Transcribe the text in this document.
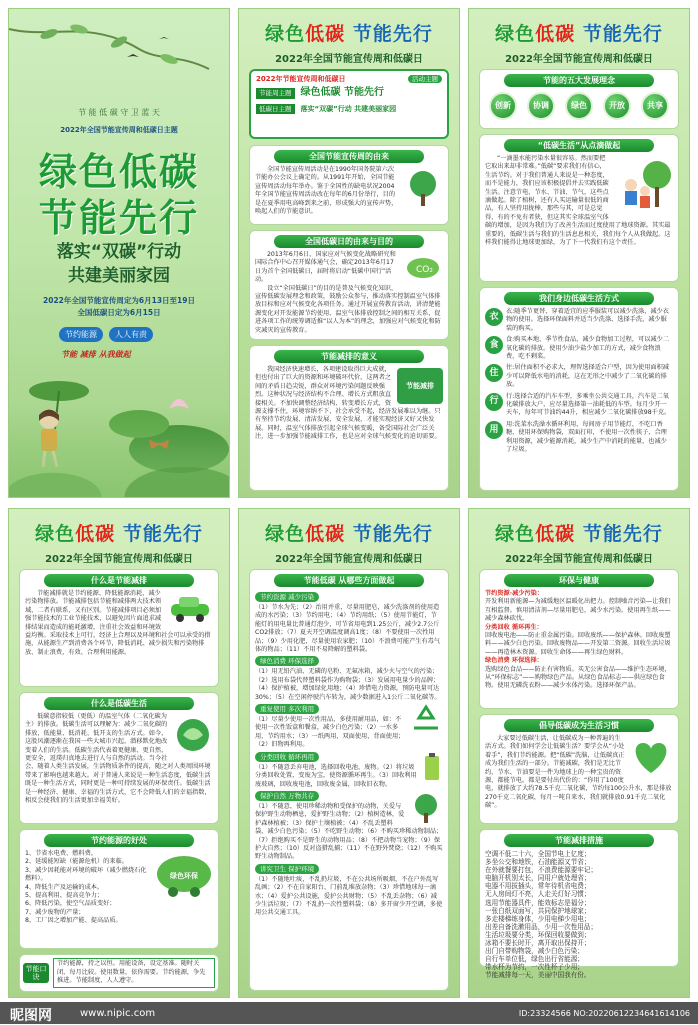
节 能 低 碳 守 卫 蓝 天
2022年全国节能宣传周和低碳日主题
绿色低碳
节能先行
落实“双碳”行动
共建美丽家园
2022年全国节能宣传周定为6月13日至19日
全国低碳日定为6月15日
节约能源	人人有责
节能 减排 从我做起
绿色低碳 节能先行
2022年全国节能宣传周和低碳日
2022年节能宣传周和低碳日	活动主题
节能周主题 绿色低碳 节能先行
低碳日主题	落实“双碳”行动 共建美丽家园
全国节能宣传周的由来
全国节能宣传周活动是在1990年国务院第六次节能办公会议上确定的。从1991年开始，全国节能宣传周活动每年举办。鉴于全国性的缺电状况2004年全国节能宣传周活动改在每年的6月份举行，目的是在夏季用电高峰到来之前，形成强大的宣传声势，唤起人们的节能意识。
全国低碳日的由来与目的
CO₂
2013年6月6日，国家应对气候变化战略研究和国际合作中心召开媒体通气会，确定2013年6月17日为首个全国低碳日，届时将启动“低碳中国行”活动。
设立“全国低碳日”的目的是普及气候变化知识，宣传低碳发展理念和政策，鼓励公众参与，推动落实控制温室气体排放目标和应对气候变化各项任务。通过开展宣传教育活动，讲清楚能源变化对开发能源节约使用、温室气体排放控制之间的相互关系，促进各项工作的统筹调适推“以人为本”的理念，加强应对气候变化和防灾减灾的宣传教育。
节能减排的意义
节能减排
我国经济快速增长，各项建设取得巨大成就，但也付出了巨大的资源和环境破坏代价，这两者之间的矛盾日趋尖锐，群众对环境污染问题反映强烈。这种状况与经济结构不合理、增长方式粗放直接相关。不加快调整经济结构、转变增长方式，资源支撑不住，环境容纳不下，社会承受不起，经济发展难以为继。只有坚持节约发展、清洁发展、安全发展，才能实现经济又好又快发展。同时，温室气体排放引起全球气候变暖，备受国际社会广泛关注，进一步加强节能减排工作，也是应对全球气候变化的迫切需要。
绿色低碳 节能先行
2022年全国节能宣传周和低碳日
节能的五大发展理念
创新	协调	绿色	开放	共享
“低碳生活”从点滴做起
“一滴墨水能污染水量很容易。然而要把它取出来却非常难。”低碳“要求我们有信心，生活节约。对于我们普通人来说是一种态度，而不是能力，我们应该积极提倡并去实践低碳生活。注意节电、节水、节油、节气，这些点滴做起。除了植树，还有人买运输量很低的商品，有人坚持用拢棒、那些与其，可是总觉得，有的不免有者狭，但这其实全球温室气体碳的增加，是因为我们为了改善生活而过度使用了地球资源。其实最重要的，低碳生活与我们的生活息息相关，我们每个人从我做起。这样我们能得让地球更加绿，为了下一代我们有这个责任。
我们身边低碳生活方式
衣
衣:随季节更替，穿着适宜的应季服装可以减少洗涤，减少衣物的使用。选择环保面料并适当少洗涤、选择手洗，减少服装的购买。
食
食:购买本地、季节性食品，减少食物加工过程，可以减少二氧化碳的排放。使用少油少盐少加工的方式，减少食物浪费，吃不剩菜。
住
住:居住面积不必求大，理智选择适合户型，因为使用面积减少可以降低水电的消耗，这在无形之中减少了二氧化碳的排放。
行
行:选择合适的汽车车型，多乘坐公共交通工具，汽车是二氧化碳排放大户，应尽量选择第一油耗低的车型。每月少开一天车，每年可节油约44升，相应减少二氧化碳排放98千克。
用
用:洗菜水洗澡水循环利用，每间房子用节能灯，不吃口香糖，使用环保购物袋，双面打印，不使用一次性筷子，合理利用资源，减少能源消耗，减少生产中消耗的能量，也减少了垃圾。
绿色低碳 节能先行
2022年全国节能宣传周和低碳日
什么是节能减排
节能减排就是节约能源、降低能源消耗，减少污染物排放。节能减排包括节能和减排两大技术领域，二者有联系，又有区别。节能减排项目必须加强节能技术的工业节能技术，以避免因片面追求减排结果而造成的能耗激增，注重社会效益和环境效益均衡。采取技术上可行，经济上合理以及环境和社会可以承受的措施，从能源生产到消费各个环节，降低消耗、减少损失和污染物排放、制止浪费，有效、合理利用能源。
什么是低碳生活
低碳意指较低（更低）的温室气体（二氧化碳为主）的排放。低碳生活可以理解为：减少二氧化碳的排放，低能量、低消耗、低开支的生活方式。如今，这股风潮逐渐在我国一些大城市兴起，潜移默化地改变着人们的生活。低碳生活代表着更健康、更自然、更安全，返璞归真地去进行人与自然的活动。当今社会，随着人类生活发展，生活物质条件的提高，随之对人类周围环境带来了影响也越来越大。对于普通人来说是一种生活态度，低碳生活既是一种生活方式，同时更是一种可持续发展的环保责任。低碳生活是一种经济、健康、幸福的生活方式，它不会降低人们的幸福指数，相反会使我们的生活更加幸福美好。
节约能源的好处
绿色环保
1、节省水电费、燃料费。
2、延缓能短缺（能源危机）的来临。
3、减少因耗能对环境的破坏（减少燃烧石化燃料）。
4、降低生产及运输的成本。
5、提高利用，提高竞争力；
6、降低污染，使空气品质变好；
7、减少废物的产量；
8、工厂因之增加产能、提高品质。
节能口诀
节约能源，持之以恒。用能设备，设定基准。随时关闭，每月比较。使用数量，依你需要。节约能源，争先推进。节能制度，人人遵守。
绿色低碳 节能先行
2022年全国节能宣传周和低碳日
节能低碳 从哪些方面做起
节约资源 减少污染
（1）节水为先；（2）治用并重，尽量用肥皂，减少洗涤剂的使用造成的水污染；（3）节约用电；（4）节约用纸；（5）使用节能灯，节能灯的用电量比普通灯泡少，可节省用电到1.25公斤，减少2.7公斤CO2排放；（7）夏天开空调温度调高1度；（8）不要使用一次性用品；（9）少用化肥，尽量使用农家肥；（10）不浪费可能产生有毒气体的物品；（11）不用不易降解的塑料袋。
绿色消费 环保选择
（1）用无铅汽油、无磷的皂粉、无氟冰箱，减少火与空气的污染；（2）选用布袋代替塑料袋作为购物袋；（3）发展用电量少的品牌；（4）保护植被，增加绿化用地；（4）珍惜电力资源，预防电量可达30%；（5）在空闲停驶汽车转为，减少数据进入1公斤二氧化碳等。
重复使用 多次利用
（1）尽量少使用一次性用品，多使用耐用品，如：不使用一次性饭盒和餐盒，减少白色污染；（2）一水多用，节约用水；（3）一纸两用，双面使用，背面使用；（2）旧物再利用。
分类回收 循环再用
（1）不随意丢弃电池，选择回收电池、废物。（2）将垃圾分类回收处置，变废为宝，使资源循环再生。（3）回收利用废玻璃，回收废电池，回收废金属，回收旧衣物。
保护自然 万物共存
（1）不随意，使用珍稀动物和受保护的动物，关爱与保护野生动物栖息，爱护野生动物；（2）植树造林，爱护森林植被；（3）保护土壤植被；（4）不乱丢塑料袋，减少白色污染；（5）不吃野生动物；（6）不购买珍稀动物制品；（7）拒绝购买不是野生的动物用品；（8）不把动物当宠物；（9）保护大自然；（10）反对盗猎乱捕；（11）不在野外焚烧；（12）不购买野生动物制品。
讲究卫生 保护环境
（1）不随地吐痰，不乱扔垃圾，不在公共场所吸烟，不在户外乱写乱画；（2）不在自家阳台、门前乱堆放杂物；（3）珍惜地球每一滴水；（4）爱护公共设施，爱护公共财物；（5）不乱丢杂物；（6）减少生活垃圾；（7）不乱扔一次性塑料袋；（8）多开窗少开空调，多使用公共交通工具。
绿色低碳 节能先行
2022年全国节能宣传周和低碳日
环保与健康
节约资源·减少污染：
开发利用新能源—为减缓地区温暖化出把力。控制噪音污染—让我们互相监督。慎用清洁剂—尽量用肥皂，减少水污染。使用再生纸——减少森林砍伐。
分类回收 循环再生：
回收废电池——防止重金属污染。回收废纸——保护森林。回收废塑料——减少白色污染。回收废物品——开发第二资源。回收生活垃圾——再造林木资源。回收生命体——再生绿色财料。
绿色消费 环保选择：
选购绿色食品——防止有害物质。买无公害食品——维护生态环境，从“环保标志”——购物绿色产品。从绿色食品标志——供应绿色食物。使用无磷洗衣粉——减少水体污染。选择环保产品。
倡导低碳成为生活习惯
大家要过低碳生活，让低碳成为一种普遍的生活方式。我们如何学会让低碳生活？要学会从“小处着手”，我们节约能源。把“低碳”洗脑，让低碳真正成为我们生活的一部分。节能减碳，我们是无比节约，节水、节油要是一件为地球上的一种宝贵的资源，都能节电。都是要付出代价的：“你用了100度电，就排放了大约78.5千克二氧化碳，节约每100公升水，那是排放270千克二氧化碳，每月一吨自来水，我们就排放0.91千克二氧化碳”。
节能减排措施
空调不低二十六，全国节电上亿度；
多坐公交和地铁，石油能源又节省；
在外就餐要打包，不浪费能源要牢记；
电脑开机别太长，同用户就处理省；
电器不用拔插头，常年待机省电费；
无人房间灯不亮，人走关灯好习惯；
选用节能器具件，能效标志是福分；
一张白纸双面写，共同保护地球家；
多走楼梯练身体，少用电梯少用电；
出差自备洗漱用品，少用一次性用品；
生活垃圾要分类，环保回收要做到；
冰箱不要长时开，离开取出保持开；
出门自带购物袋，减少白色污染；
自行车单位低，绿色出行省能源；
带水杯为节约，一次性杯子少用；
节能减排每一天，美丽中国我有份。
昵图网	www.nipic.com	ID:23324566 NO:20220612234641614106
